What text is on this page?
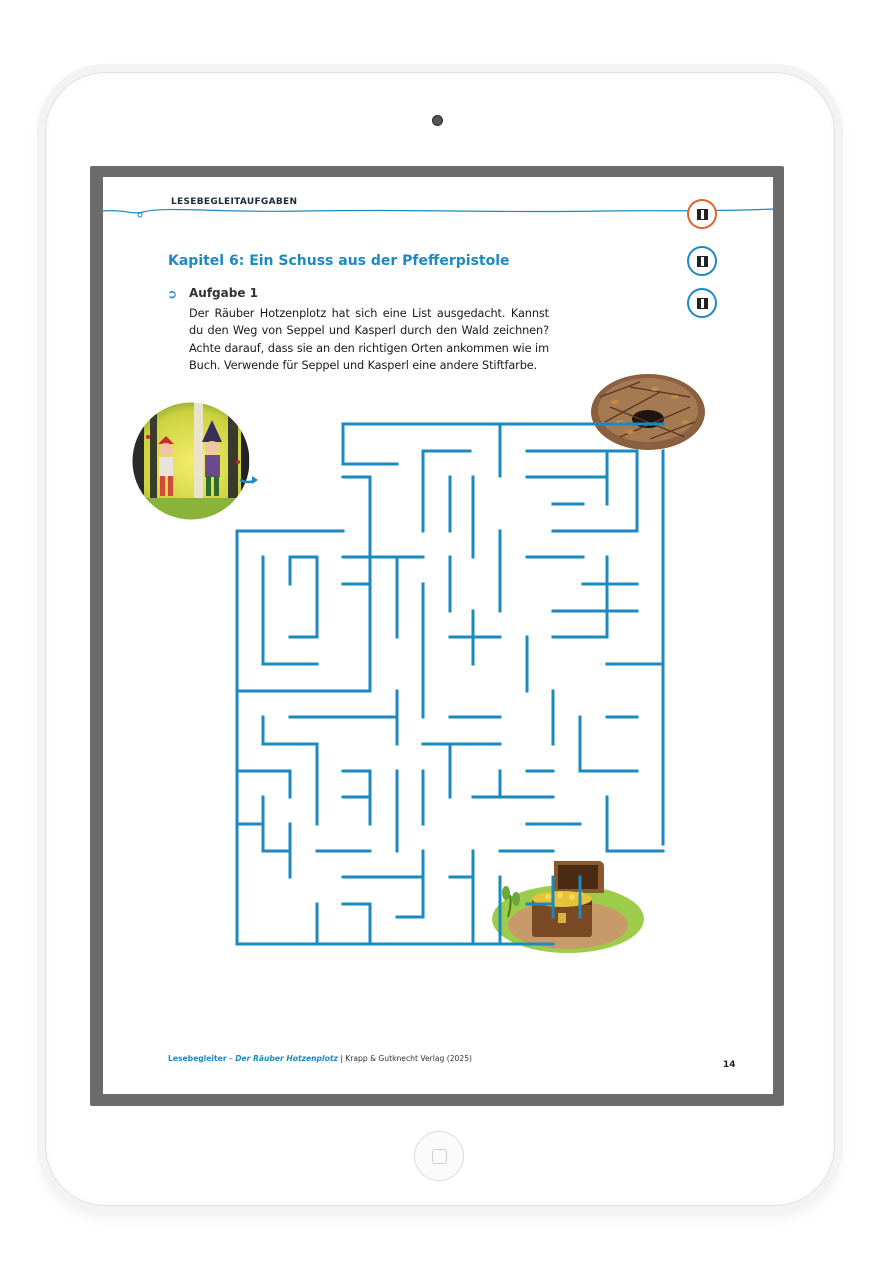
LESEBEGLEITAUFGABEN
Kapitel 6: Ein Schuss aus der Pfefferpistole
➲ Aufgabe 1
Der Räuber Hotzenplotz hat sich eine List ausgedacht. Kannst du den Weg von Seppel und Kasperl durch den Wald zeichnen? Achte darauf, dass sie an den richtigen Orten ankommen wie im Buch. Verwende für Seppel und Kasperl eine andere Stiftfarbe.
Lesebegleiter – Der Räuber Hotzenplotz | Krapp & Gutknecht Verlag (2025)
14
